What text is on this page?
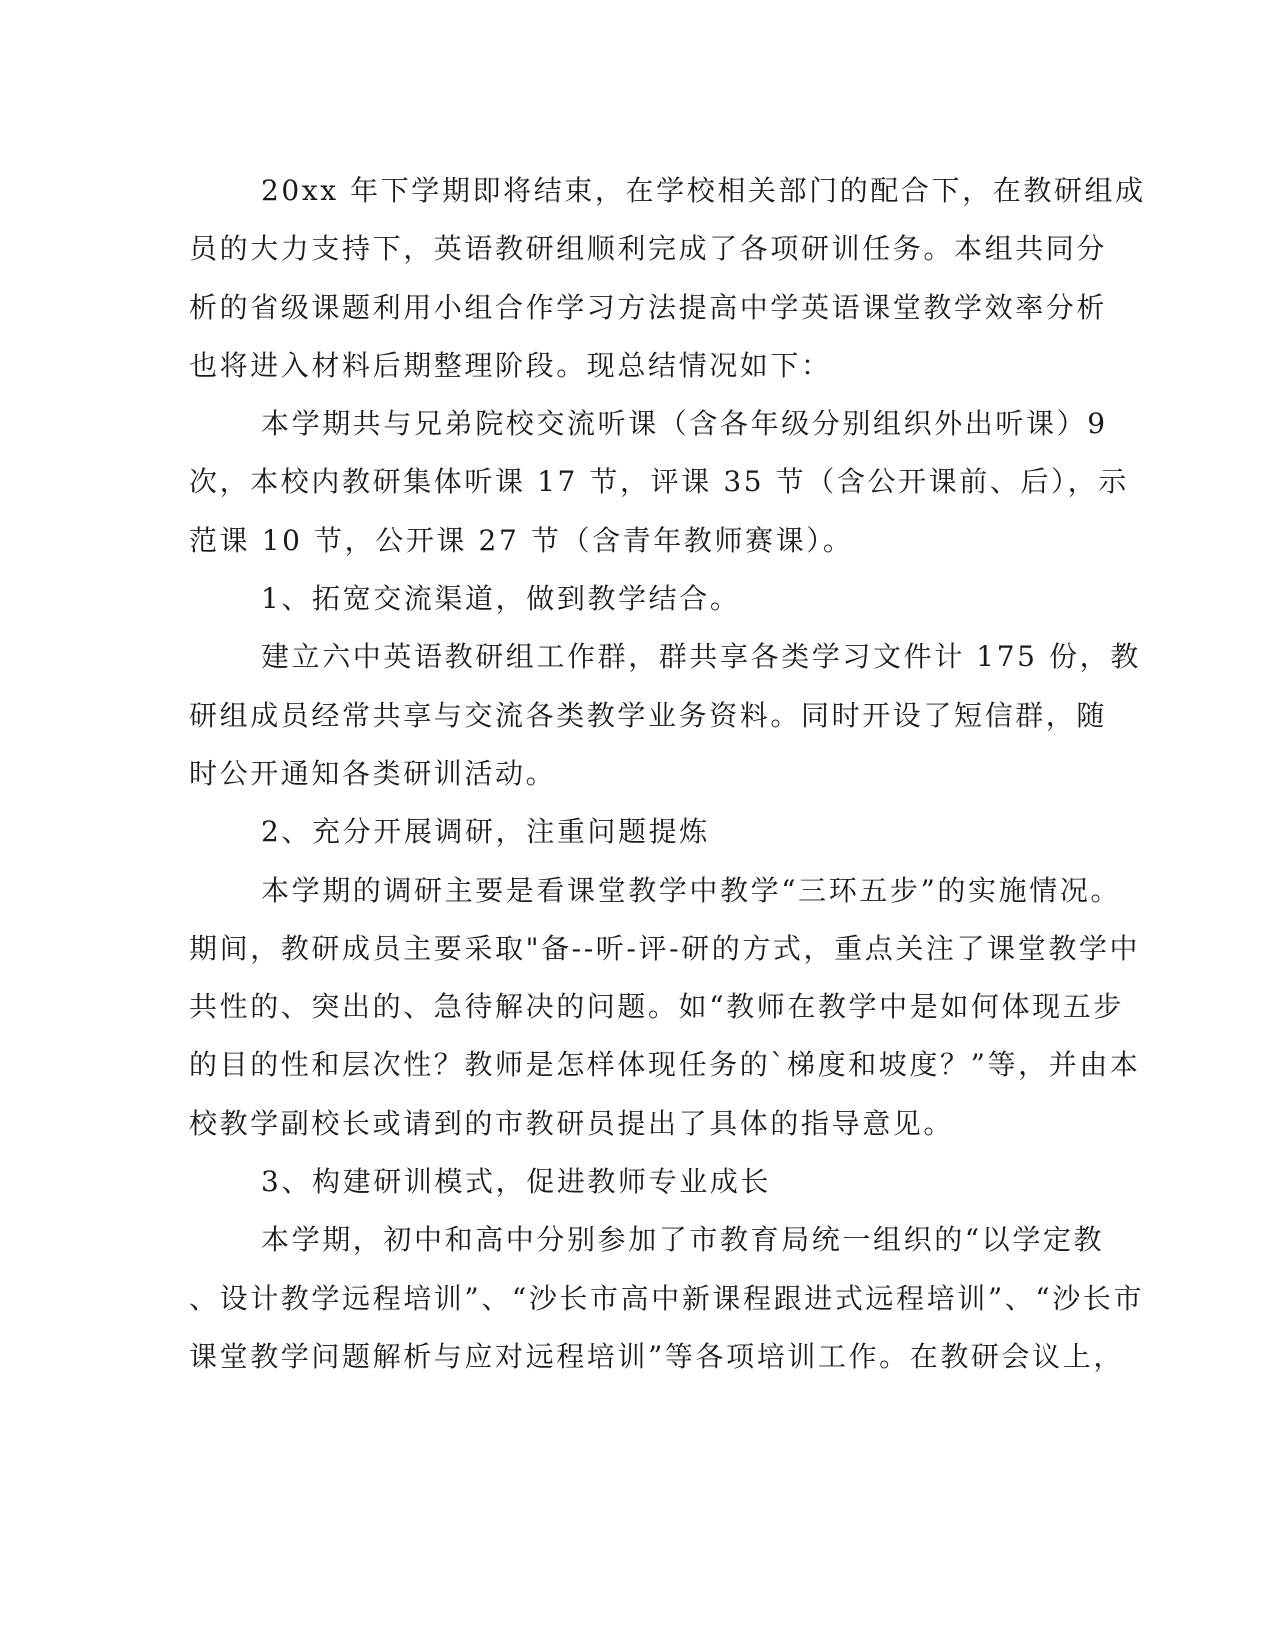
20xx 年下学期即将结束，在学校相关部门的配合下，在教研组成
员的大力支持下，英语教研组顺利完成了各项研训任务。本组共同分
析的省级课题利用小组合作学习方法提高中学英语课堂教学效率分析
也将进入材料后期整理阶段。现总结情况如下：
本学期共与兄弟院校交流听课（含各年级分别组织外出听课）9
次，本校内教研集体听课 17 节，评课 35 节（含公开课前、后），示
范课 10 节，公开课 27 节（含青年教师赛课）。
1、拓宽交流渠道，做到教学结合。
建立六中英语教研组工作群，群共享各类学习文件计 175 份，教
研组成员经常共享与交流各类教学业务资料。同时开设了短信群，随
时公开通知各类研训活动。
2、充分开展调研，注重问题提炼
本学期的调研主要是看课堂教学中教学“三环五步”的实施情况。
期间，教研成员主要采取"备--听-评-研的方式，重点关注了课堂教学中
共性的、突出的、急待解决的问题。如“教师在教学中是如何体现五步
的目的性和层次性？教师是怎样体现任务的`梯度和坡度？”等，并由本
校教学副校长或请到的市教研员提出了具体的指导意见。
3、构建研训模式，促进教师专业成长
本学期，初中和高中分别参加了市教育局统一组织的“以学定教
、设计教学远程培训”、“沙长市高中新课程跟进式远程培训”、“沙长市
课堂教学问题解析与应对远程培训”等各项培训工作。在教研会议上，
